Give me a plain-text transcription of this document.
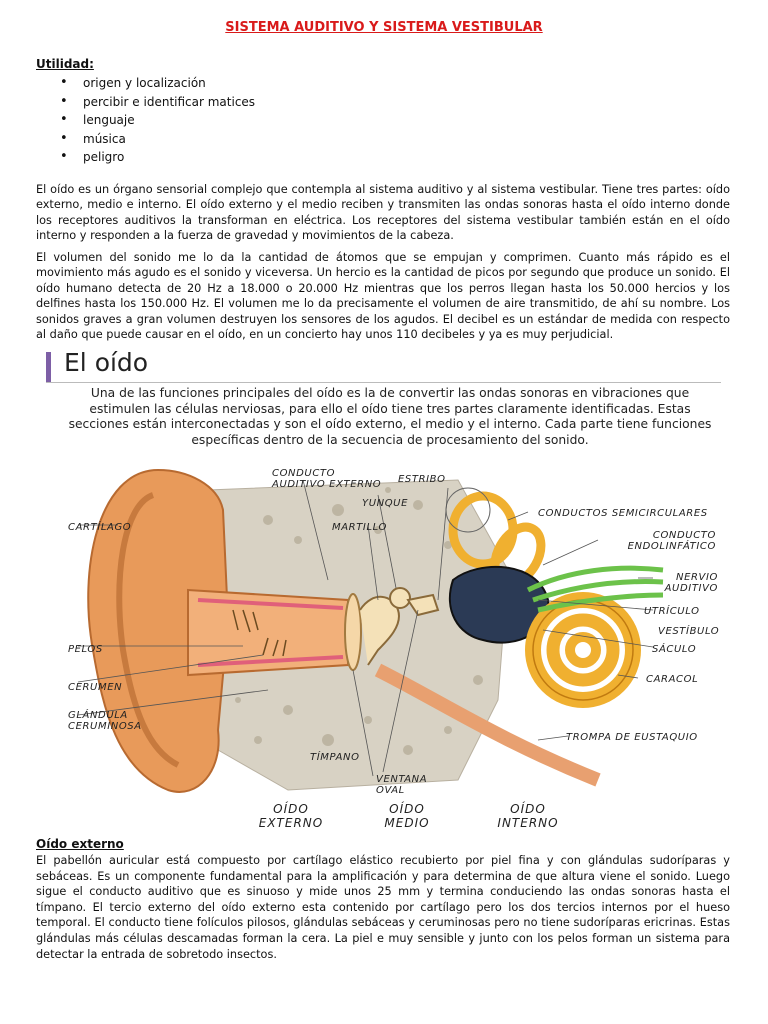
SISTEMA AUDITIVO Y SISTEMA VESTIBULAR
Utilidad:
• origen y localización
• percibir e identificar matices
• lenguaje
• música
• peligro

El oído es un órgano sensorial complejo que contempla al sistema auditivo y al sistema vestibular. Tiene tres partes: oído externo, medio e interno. El oído externo y el medio reciben y transmiten las ondas sonoras hasta el oído interno donde los receptores auditivos la transforman en eléctrica. Los receptores del sistema vestibular también están en el oído interno y responden a la fuerza de gravedad y movimientos de la cabeza.

El volumen del sonido me lo da la cantidad de átomos que se empujan y comprimen. Cuanto más rápido es el movimiento más agudo es el sonido y viceversa. Un hercio es la cantidad de picos por segundo que produce un sonido. El oído humano detecta de 20 Hz a 18.000 o 20.000 Hz mientras que los perros llegan hasta los 50.000 hercios y los delfines hasta los 150.000 Hz. El volumen me lo da precisamente el volumen de aire transmitido, de ahí su nombre. Los sonidos graves a gran volumen destruyen los sensores de los agudos. El decibel es un estándar de medida con respecto al daño que puede causar en el oído, en un concierto hay unos 110 decibeles y ya es muy perjudicial.

El oído
Una de las funciones principales del oído es la de convertir las ondas sonoras en vibraciones que estimulen las células nerviosas, para ello el oído tiene tres partes claramente identificadas. Estas secciones están interconectadas y son el oído externo, el medio y el interno. Cada parte tiene funciones específicas dentro de la secuencia de procesamiento del sonido.
CARTÍLAGO
PELOS
CERUMEN
GLÁNDULA CERUMINOSA
CONDUCTO AUDITIVO EXTERNO
YUNQUE
MARTILLO
ESTRIBO
CONDUCTOS SEMICIRCULARES
CONDUCTO ENDOLINFÁTICO
NERVIO AUDITIVO
UTRÍCULO
VESTÍBULO
SÁCULO
CARACOL
TROMPA DE EUSTAQUIO
TÍMPANO
VENTANA OVAL
OÍDO EXTERNO
OÍDO MEDIO
OÍDO INTERNO
Oído externo

El pabellón auricular está compuesto por cartílago elástico recubierto por piel fina y con glándulas sudoríparas y sebáceas. Es un componente fundamental para la amplificación y para determina de que altura viene el sonido. Luego sigue el conducto auditivo que es sinuoso y mide unos 25 mm y termina conduciendo las ondas sonoras hasta el tímpano. El tercio externo del oído externo esta contenido por cartílago pero los dos tercios internos por el hueso temporal. El conducto tiene folículos pilosos, glándulas sebáceas y ceruminosas pero no tiene sudoríparas ericrinas. Estas glándulas más células descamadas forman la cera. La piel e muy sensible y junto con los pelos forman un sistema para detectar la entrada de sobretodo insectos.
